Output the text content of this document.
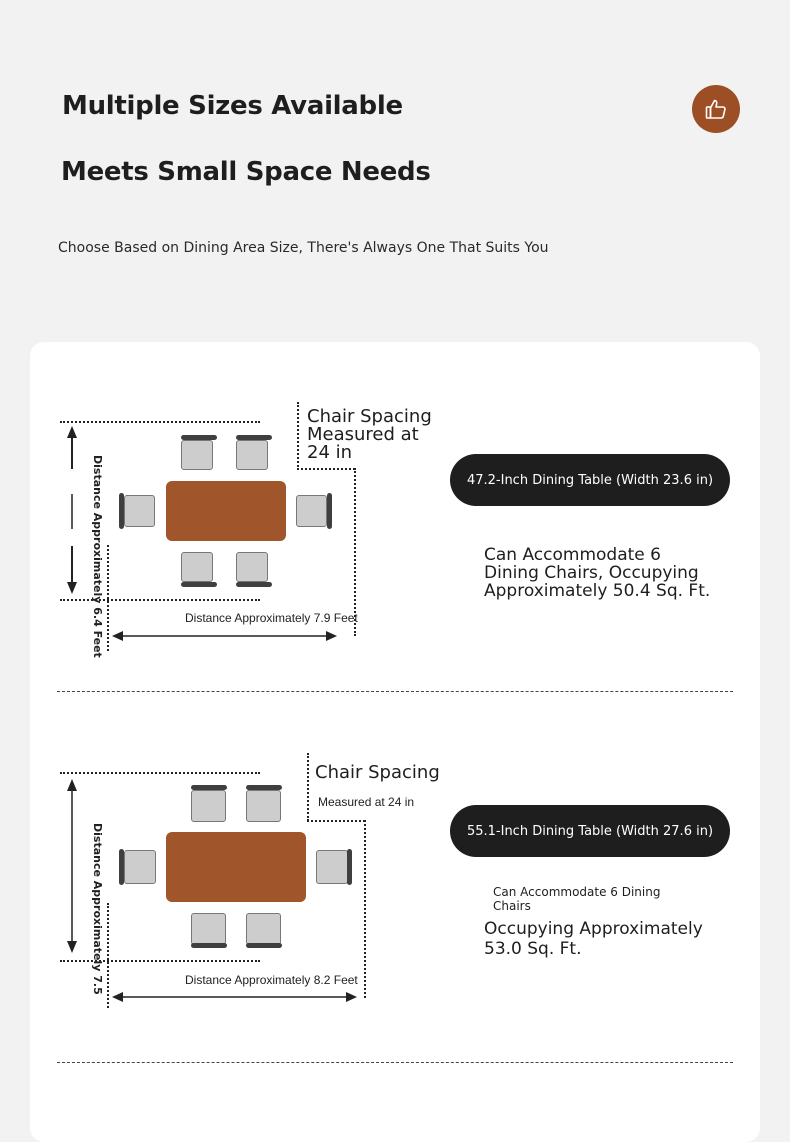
Multiple Sizes Available
Meets Small Space Needs
Choose Based on Dining Area Size, There's Always One That Suits You
Distance Approximately 6.4 Feet	Distance Approximately 7.9 Feet
Chair Spacing Measured at 24 in
47.2-Inch Dining Table (Width 23.6 in)
Can Accommodate 6 Dining Chairs, Occupying Approximately 50.4 Sq. Ft.
Distance Approximately 7.5	Distance Approximately 8.2 Feet
Chair Spacing
Measured at 24 in
55.1-Inch Dining Table (Width 27.6 in)
Can Accommodate 6 Dining Chairs
Occupying Approximately 53.0 Sq. Ft.
